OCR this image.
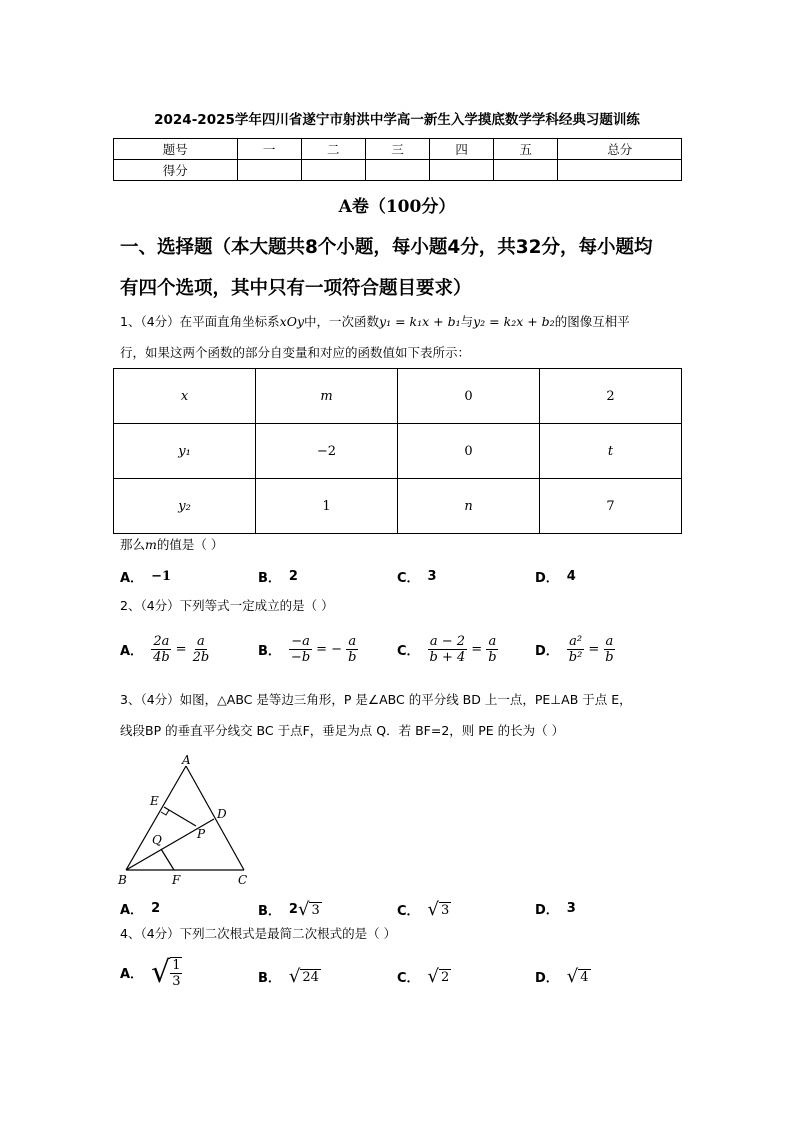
2024-2025学年四川省遂宁市射洪中学高一新生入学摸底数学学科经典习题训练
题号	一	二	三	四	五	总分
得分						
A卷（100分）
一、选择题（本大题共8个小题，每小题4分，共32分，每小题均
有四个选项，其中只有一项符合题目要求）
1、（4分）在平面直角坐标系xOy中，一次函数y₁ = k₁x + b₁与y₂ = k₂x + b₂的图像互相平
行，如果这两个函数的部分自变量和对应的函数值如下表所示：
x	m	0	2
y₁	−2	0	t
y₂	1	n	7
那么m的值是（ ）
A． −1	B． 2	C． 3	D． 4
2、（4分）下列等式一定成立的是（ ）
A． $\frac{2a}{4b} = \frac{a}{2b}$	B． $\frac{-a}{-b}$ = − $\frac{a}{b}$	C． $\frac{a - 2}{b + 4} = \frac{a}{b}$	D． $\frac{\text{a²}}{\text{b²}} = \frac{a}{b}$
3、（4分）如图，△ABC 是等边三角形，P 是∠ABC 的平分线 BD 上一点，PE⊥AB 于点 E，
线段BP 的垂直平分线交 BC 于点F，垂足为点 Q．若 BF=2，则 PE 的长为（ ）
A
B	C
D
E
F
P
Q
A． 2	B． 2 √ 3	C． √ 3	D． 3
4、（4分）下列二次根式是最简二次根式的是（ ）
A． √ $\frac{1}{3}$	B． √ 24	C． √ 2	D． √ 4
